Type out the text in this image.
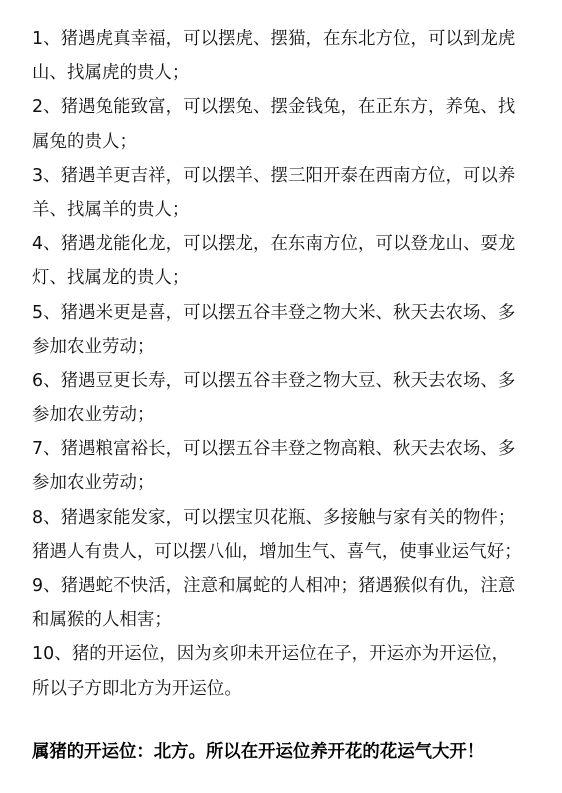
1、猪遇虎真幸福，可以摆虎、摆猫，在东北方位，可以到龙虎
山、找属虎的贵人；
2、猪遇兔能致富，可以摆兔、摆金钱兔，在正东方，养兔、找
属兔的贵人；
3、猪遇羊更吉祥，可以摆羊、摆三阳开泰在西南方位，可以养
羊、找属羊的贵人；
4、猪遇龙能化龙，可以摆龙，在东南方位，可以登龙山、耍龙
灯、找属龙的贵人；
5、猪遇米更是喜，可以摆五谷丰登之物大米、秋天去农场、多
参加农业劳动；
6、猪遇豆更长寿，可以摆五谷丰登之物大豆、秋天去农场、多
参加农业劳动；
7、猪遇粮富裕长，可以摆五谷丰登之物高粮、秋天去农场、多
参加农业劳动；
8、猪遇家能发家，可以摆宝贝花瓶、多接触与家有关的物件；
猪遇人有贵人，可以摆八仙，增加生气、喜气，使事业运气好；
9、猪遇蛇不快活，注意和属蛇的人相冲；猪遇猴似有仇，注意
和属猴的人相害；
10、猪的开运位，因为亥卯未开运位在子，开运亦为开运位，
所以子方即北方为开运位。
属猪的开运位：北方。所以在开运位养开花的花运气大开！
